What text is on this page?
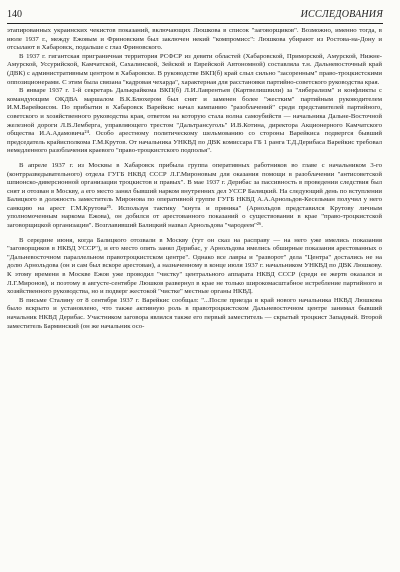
140	ИССЛЕДОВАНИЯ

этапированных украинских чекистов показаний, включающих Люшкова в список "заговорщиков". Возможно, именно тогда, в июле 1937 г., между Ежовым и Фриновским был заключен некий "компромисс": Люшкова убирают из Ростова-на-Дону и отсылают в Хабаровск, подальше с глаз Фриновского.

В 1937 г. гигантская приграничная территория РСФСР из девяти областей (Хабаровской, Приморской, Амурской, Нижне-Амурской, Уссурийской, Камчатской, Сахалинской, Зейской и Еврейской Автономной) составляла т.н. Дальневосточный край (ДВК) с административным центром в Хабаровске. В руководстве ВКП(б) край слыл сильно "засоренным" право-троцкистскими оппозиционерами. С этим была связана "кадровая чехарда", характерная для расстановки партийно-советского руководства края.

В январе 1937 г. 1-й секретарь Далькрайкома ВКП(б) Л.И.Лаврентьев (Картвелишвили) за "либерализм" и конфликты с командующим ОКДВА маршалом В.К.Блюхером был снят и заменен более "жестким" партийным руководителем И.М.Варейкисом. По прибытии в Хабаровск Варейкис начал кампанию "разоблачений" среди представителей партийного, советского и хозяйственного руководства края, ответом на которую стала волна самоубийств — начальника Дальне-Восточной железной дороги Л.В.Лемберга, управляющего трестом "Дальтрансуголь" И.В.Котина, директора Акционерного Камчатского общества И.А.Адамовича²⁴. Особо арестному политическому шельмованию со стороны Варейкиса подвергся бывший председатель крайисполкома Г.М.Крутов. От начальника УНКВД по ДВК комиссара ГБ 1 ранга Т.Д.Дерибаса Варейкис требовал немедленного разоблачения краевого "право-троцкистского подполья".

В апреле 1937 г. из Москвы в Хабаровск прибыла группа оперативных работников во главе с начальником 3-го (контрразведывательного) отдела ГУГБ НКВД СССР Л.Г.Мироновым для оказания помощи в разоблачении "антисоветской шпионско-диверсионной организации троцкистов и правых". В мае 1937 г. Дерибас за пассивность в проведении следствия был снят и отозван в Москву, а его место занял бывший нарком внутренних дел УССР Балицкий. На следующий день по вступлении Балицкого в должность заместитель Миронова по оперативной группе ГУГБ НКВД А.А.Арнольдов-Кесельман получил у него санкцию на арест Г.М.Крутова²⁵. Используя тактику "кнута и пряника" (Арнольдов представился Крутову личным уполномоченным наркома Ежова), он добился от арестованного показаний о существовании в крае "право-троцкистской заговорщицкой организации". Возглавивший Балицкий назвал Арнольдова "чародеем"²⁶.

В середине июня, когда Балицкого отозвали в Москву (тут он сказ на расправу — на него уже имелись показания "заговорщиков в НКВД УССР"), и его место опять занял Дерибас, у Арнольдова имелись обширные показания арестованных о "Дальневосточном параллельном правотроцкистском центре". Однако все лавры и "разворот" дела "Центра" достались не на долю Арнольдова (он и сам был вскоре арестован), а назначенному в конце июля 1937 г. начальником УНКВД по ДВК Люшкову. К этому времени в Москве Ежов уже проводил "чистку" центрального аппарата НКВД СССР (среди ее жертв оказался и Л.Г.Миронов), и поэтому в августе-сентябре Люшков развернул в крае не только широкомасштабное истребление партийного и хозяйственного руководства, но и подверг жестокой "чистке" местные органы НКВД.

В письме Сталину от 8 сентября 1937 г. Варейкис сообщал: "...После приезда в край нового начальника НКВД Люшкова было вскрыто и установлено, что также активную роль в правотроцкистском Дальневосточном центре занимал бывший начальник НКВД Дерибас. Участником заговора являлся также его первый заместитель — скрытый троцкист Западный. Второй заместитель Барминский (он же начальник осо-
